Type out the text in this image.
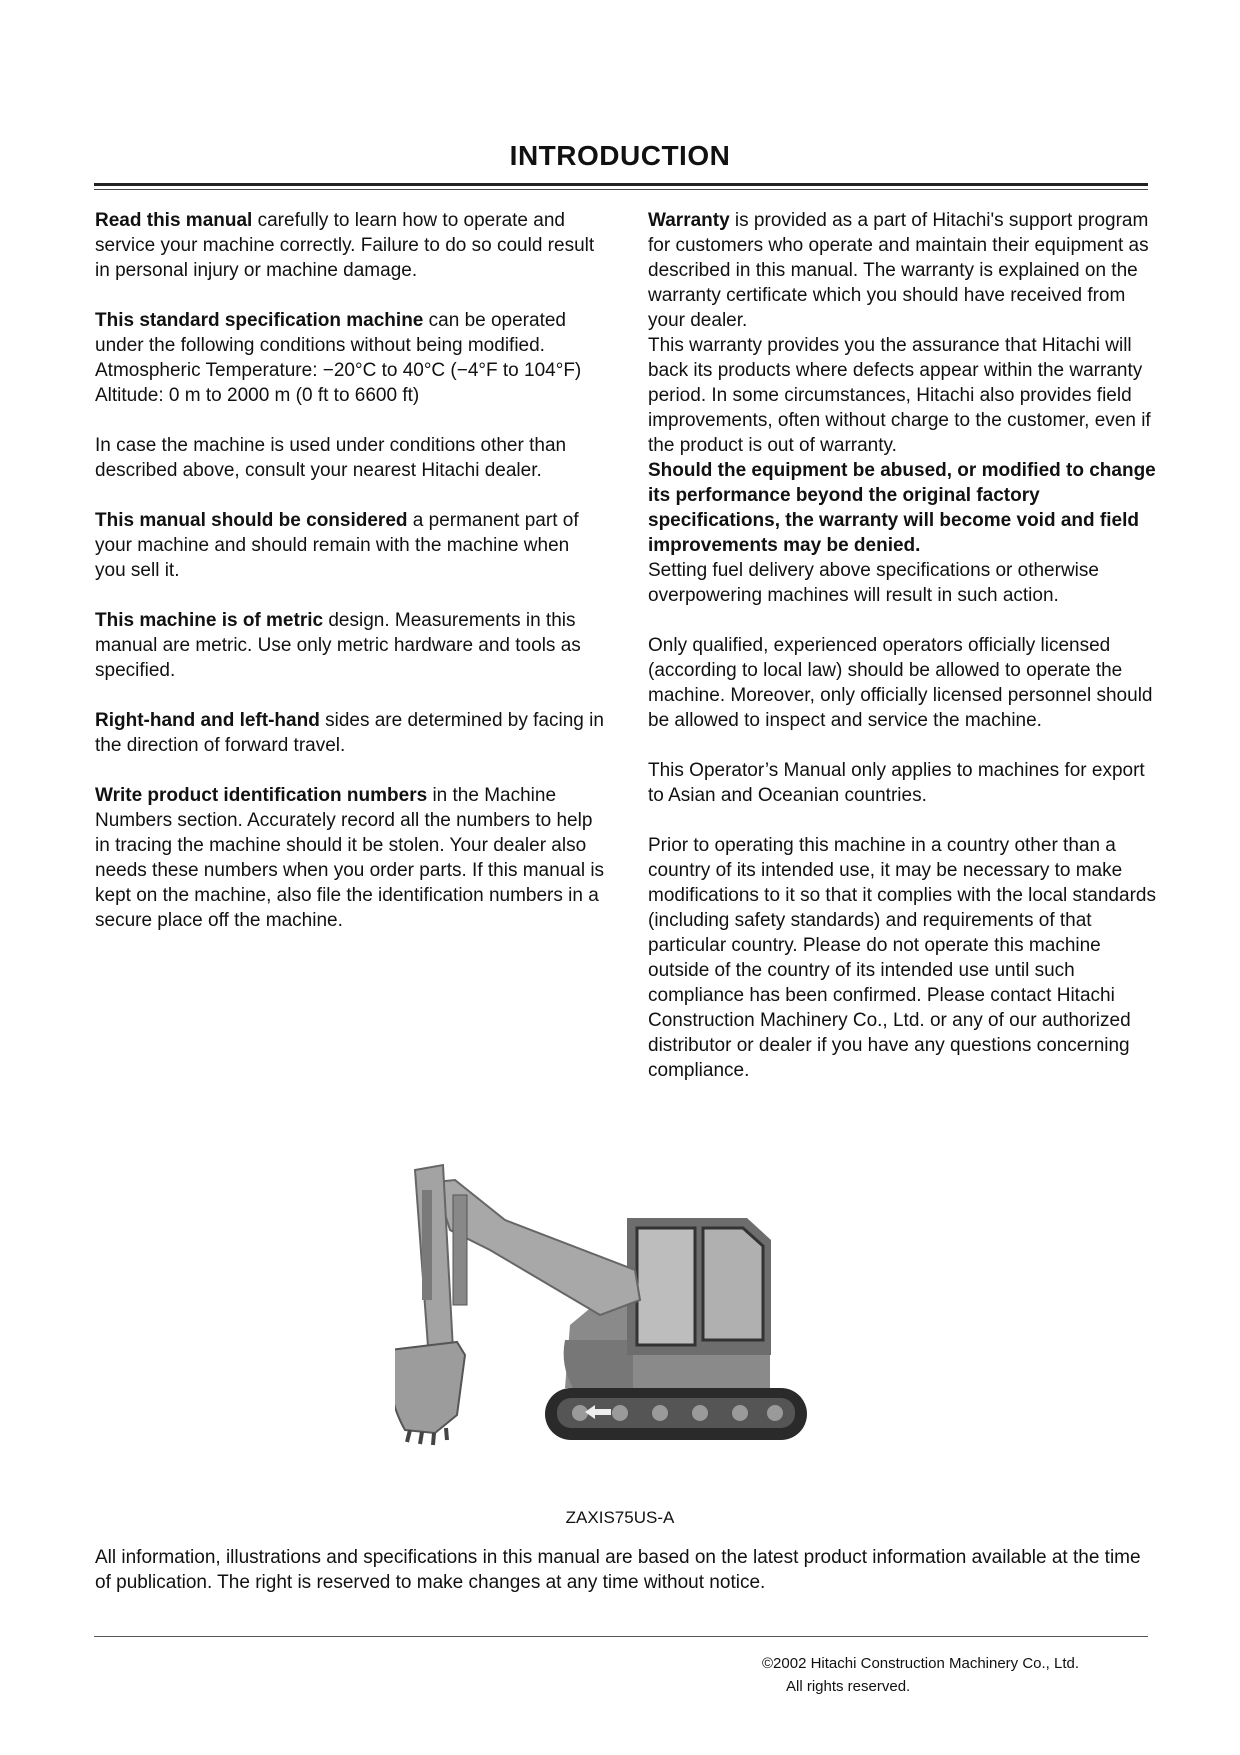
INTRODUCTION

Read this manual carefully to learn how to operate and service your machine correctly. Failure to do so could result in personal injury or machine damage.

This standard specification machine can be operated under the following conditions without being modified.
Atmospheric Temperature: −20°C to 40°C (−4°F to 104°F)
Altitude: 0 m to 2000 m (0 ft to 6600 ft)

In case the machine is used under conditions other than described above, consult your nearest Hitachi dealer.

This manual should be considered a permanent part of your machine and should remain with the machine when you sell it.

This machine is of metric design. Measurements in this manual are metric. Use only metric hardware and tools as specified.

Right-hand and left-hand sides are determined by facing in the direction of forward travel.

Write product identification numbers in the Machine Numbers section. Accurately record all the numbers to help in tracing the machine should it be stolen. Your dealer also needs these numbers when you order parts. If this manual is kept on the machine, also file the identification numbers in a secure place off the machine.

Warranty is provided as a part of Hitachi's support program for customers who operate and maintain their equipment as described in this manual. The warranty is explained on the warranty certificate which you should have received from your dealer.
This warranty provides you the assurance that Hitachi will back its products where defects appear within the warranty period. In some circumstances, Hitachi also provides field improvements, often without charge to the customer, even if the product is out of warranty.
Should the equipment be abused, or modified to change its performance beyond the original factory specifications, the warranty will become void and field improvements may be denied.
Setting fuel delivery above specifications or otherwise overpowering machines will result in such action.

Only qualified, experienced operators officially licensed (according to local law) should be allowed to operate the machine. Moreover, only officially licensed personnel should be allowed to inspect and service the machine.

This Operator’s Manual only applies to machines for export to Asian and Oceanian countries.

Prior to operating this machine in a country other than a country of its intended use, it may be necessary to make modifications to it so that it complies with the local standards (including safety standards) and requirements of that particular country. Please do not operate this machine outside of the country of its intended use until such compliance has been confirmed. Please contact Hitachi Construction Machinery Co., Ltd. or any of our authorized distributor or dealer if you have any questions concerning compliance.

ZAXIS75US-A
All information, illustrations and specifications in this manual are based on the latest product information available at the time of publication. The right is reserved to make changes at any time without notice.
©2002 Hitachi Construction Machinery Co., Ltd.
All rights reserved.
